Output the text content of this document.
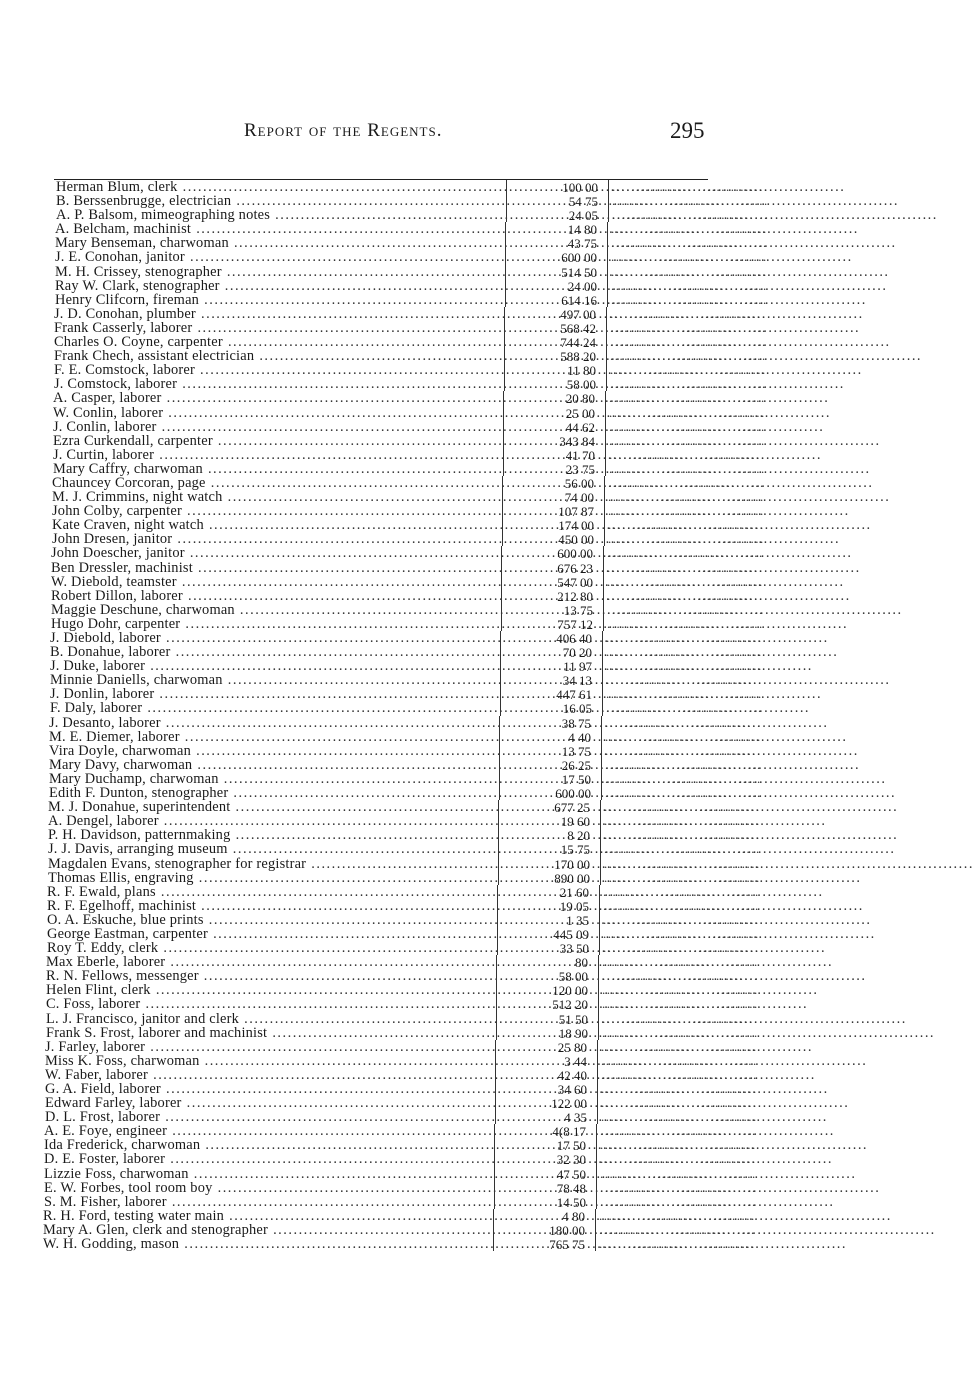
Report of the Regents.	295
Herman Blum, clerk .....	100 00 .................................
B. Berssenbrugge, electrician .....	54 75 .................................
A. P. Balsom, mimeographing notes .....	24 05 .................................
A. Belcham, machinist .....	14 80 .................................
Mary Benseman, charwoman .....	43 75 .................................
J. E. Conohan, janitor .....	600 00 .................................
M. H. Crissey, stenographer .....	514 50 .................................
Ray W. Clark, stenographer .....	24 00 .................................
Henry Clifcorn, fireman .....	614 16 .................................
J. D. Conohan, plumber .....	497 00 .................................
Frank Casserly, laborer .....	568 42 .................................
Charles O. Coyne, carpenter .....	744 24 .................................
Frank Chech, assistant electrician .....	588 20 .................................
F. E. Comstock, laborer .....	11 80 .................................
J. Comstock, laborer .....	58 00 .................................
A. Casper, laborer .....	20 80 .................................
W. Conlin, laborer .....	25 00 .................................
J. Conlin, laborer .....	44 62 .................................
Ezra Curkendall, carpenter .....	343 84 .................................
J. Curtin, laborer .....	41 70 .................................
Mary Caffry, charwoman .....	23 75 .................................
Chauncey Corcoran, page .....	56 00 .................................
M. J. Crimmins, night watch .....	74 00 .................................
John Colby, carpenter .....	107 87 .................................
Kate Craven, night watch .....	174 00 .................................
John Dresen, janitor .....	450 00 .................................
John Doescher, janitor .....	600 00 .................................
Ben Dressler, machinist .....	676 23 .................................
W. Diebold, teamster .....	547 00 .................................
Robert Dillon, laborer .....	212 80 .................................
Maggie Deschune, charwoman .....	13 75 .................................
Hugo Dohr, carpenter .....	757 12 .................................
J. Diebold, laborer .....	406 40 .................................
B. Donahue, laborer .....	70 20 .................................
J. Duke, laborer .....	11 97 .................................
Minnie Daniells, charwoman .....	34 13 .................................
J. Donlin, laborer .....	447 61 .................................
F. Daly, laborer .....	16 05 .................................
J. Desanto, laborer .....	38 75 .................................
M. E. Diemer, laborer .....	4 40 .................................
Vira Doyle, charwoman .....	13 75 .................................
Mary Davy, charwoman .....	26 25 .................................
Mary Duchamp, charwoman .....	17 50 .................................
Edith F. Dunton, stenographer .....	600 00 .................................
M. J. Donahue, superintendent .....	677 25 .................................
A. Dengel, laborer .....	19 60 .................................
P. H. Davidson, patternmaking .....	8 20 .................................
J. J. Davis, arranging museum .....	15 75 .................................
Magdalen Evans, stenographer for registrar .....	170 00 .................................
Thomas Ellis, engraving .....	890 00 .................................
R. F. Ewald, plans .....	21 60 .................................
R. F. Egelhoff, machinist .....	19 05 .................................
O. A. Eskuche, blue prints .....	1 35 .................................
George Eastman, carpenter .....	445 09 .................................
Roy T. Eddy, clerk .....	33 50 .................................
Max Eberle, laborer .....	80 .................................
R. N. Fellows, messenger .....	58 00 .................................
Helen Flint, clerk .....	120 00 .................................
C. Foss, laborer .....	512 20 .................................
L. J. Francisco, janitor and clerk .....	51 50 .................................
Frank S. Frost, laborer and machinist .....	18 90 .................................
J. Farley, laborer .....	25 80 .................................
Miss K. Foss, charwoman .....	3 44 .................................
W. Faber, laborer .....	42 40 .................................
G. A. Field, laborer .....	34 60 .................................
Edward Farley, laborer .....	122 00 .................................
D. L. Frost, laborer .....	4 35 .................................
A. E. Foye, engineer .....	4(8 17 .................................
Ida Frederick, charwoman .....	17 50 .................................
D. E. Foster, laborer .....	32 30 .................................
Lizzie Foss, charwoman .....	47 50 .................................
E. W. Forbes, tool room boy .....	78 48 .................................
S. M. Fisher, laborer .....	14 50 .................................
R. H. Ford, testing water main .....	4 80 .................................
Mary A. Glen, clerk and stenographer .....	180 00 .................................
W. H. Godding, mason .....	765 75 .................................
